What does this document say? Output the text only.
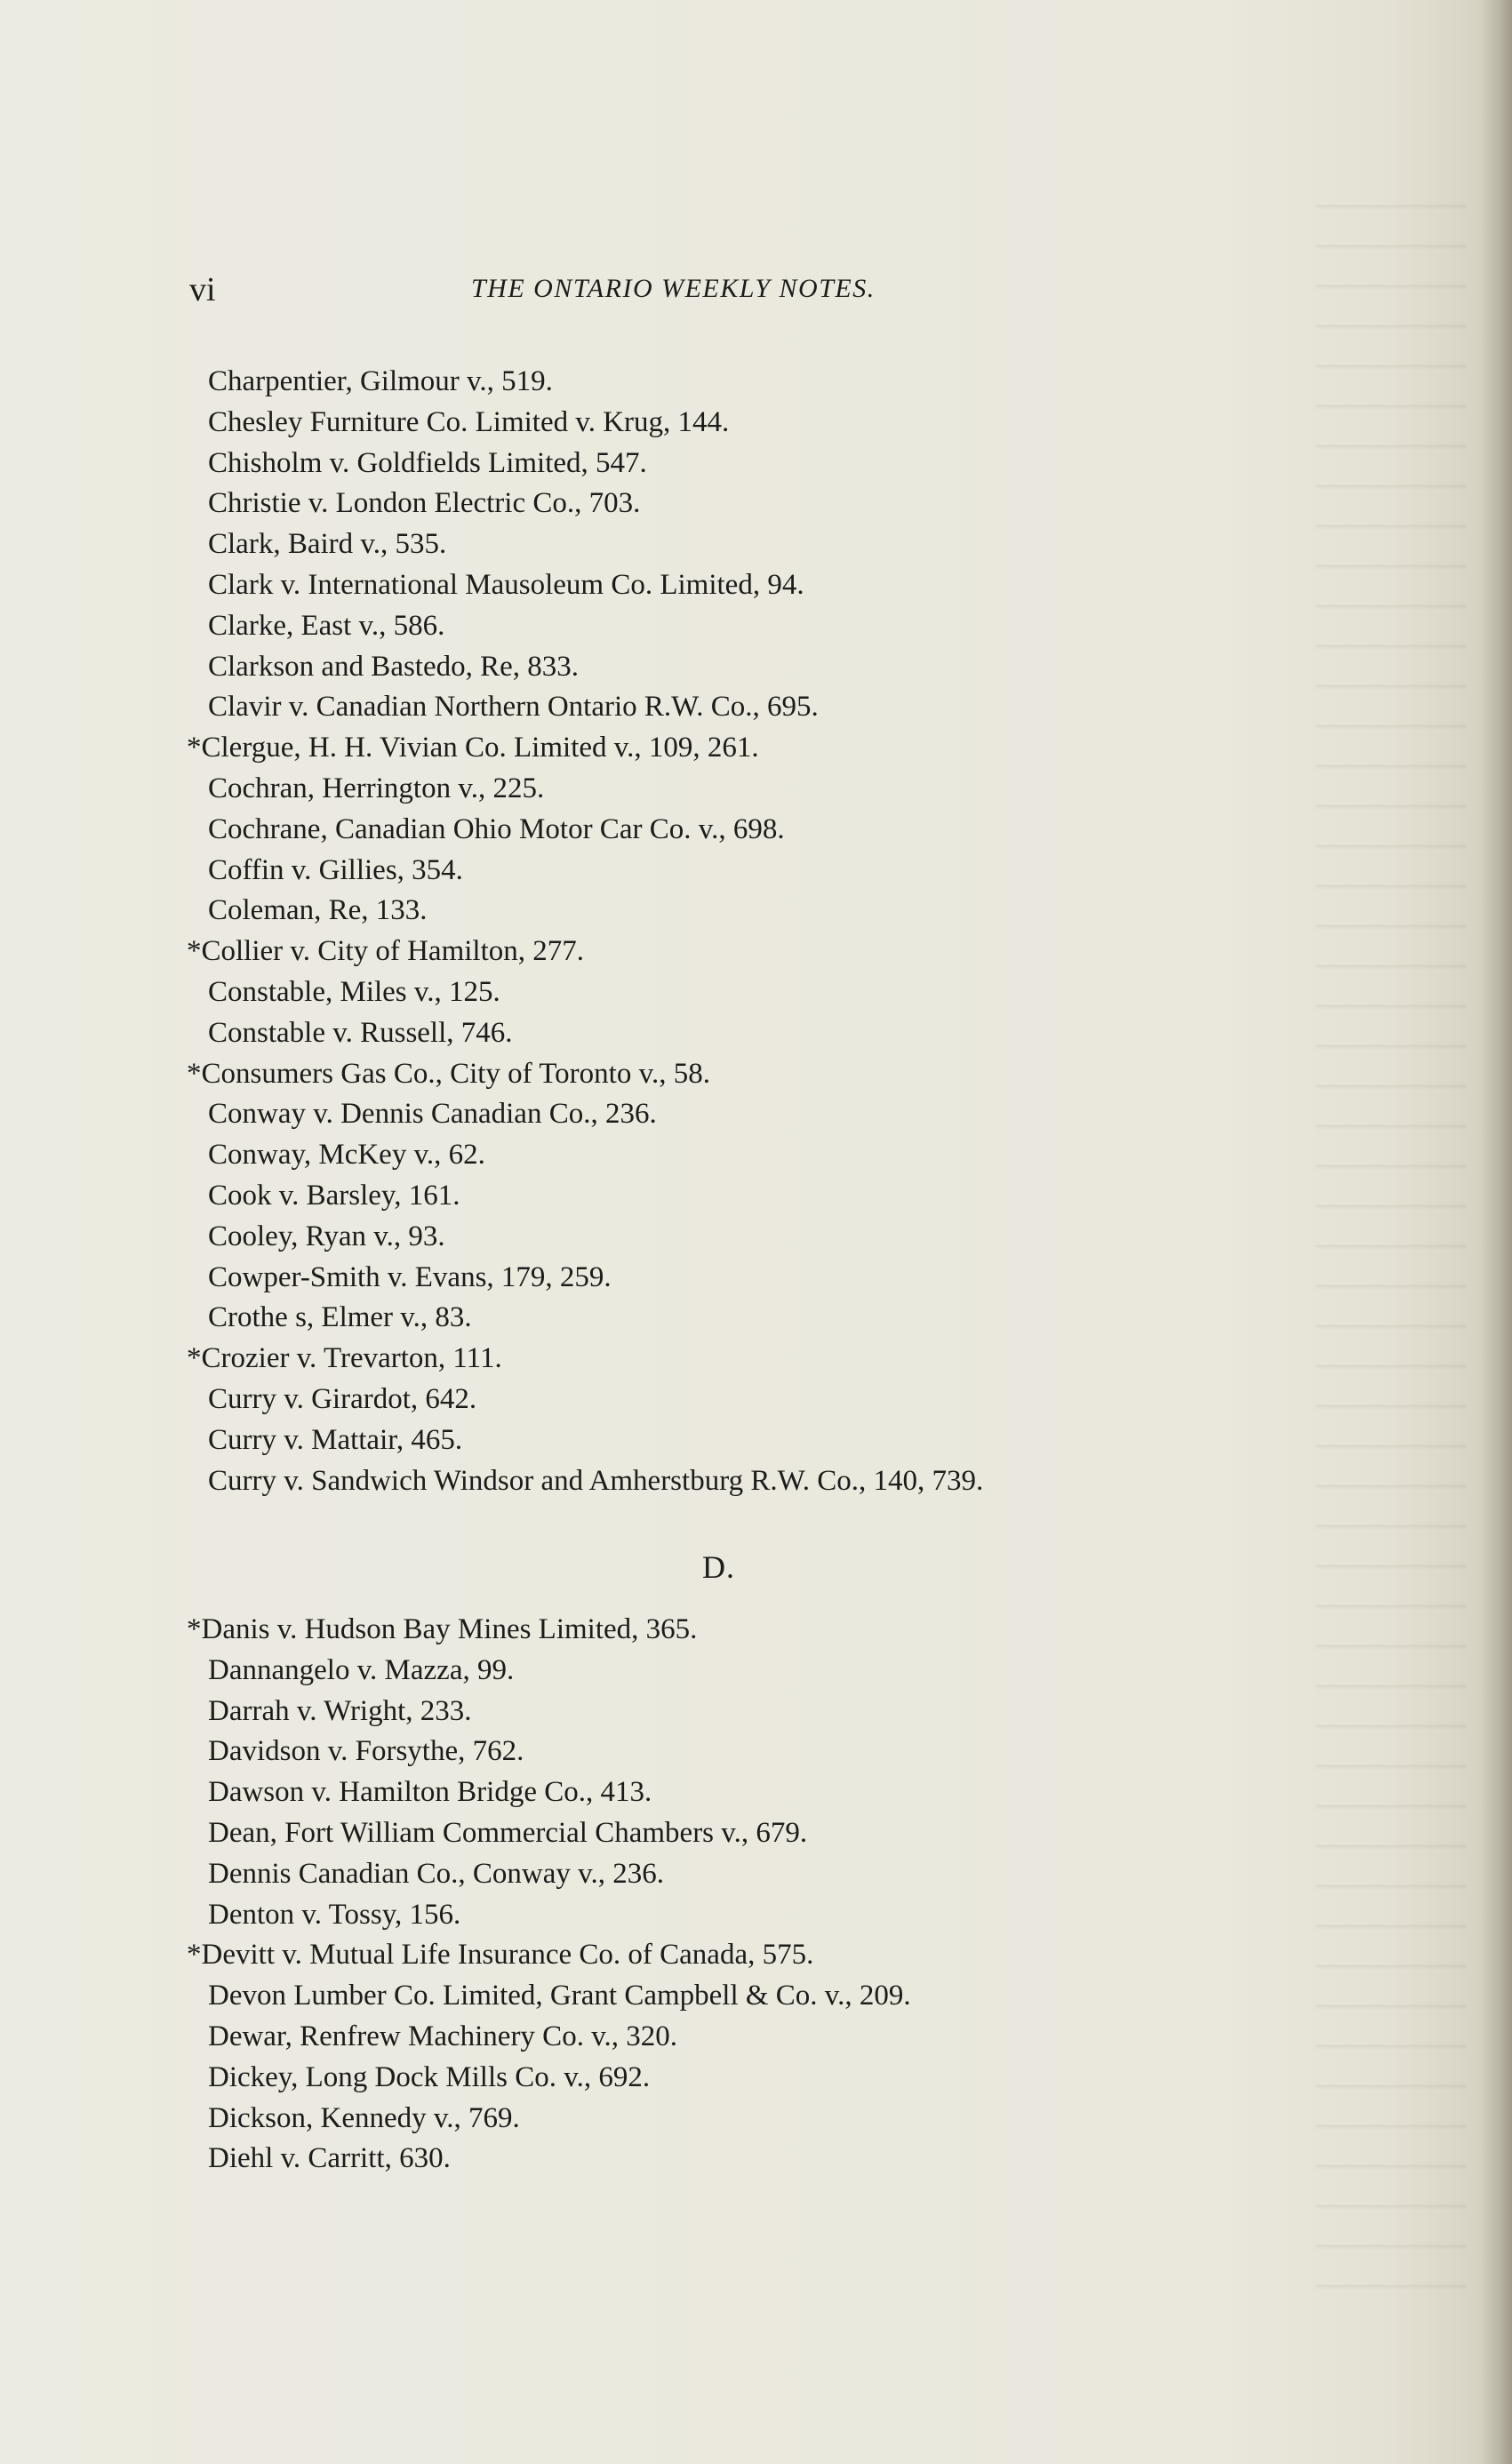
vi	THE ONTARIO WEEKLY NOTES.
Charpentier, Gilmour v., 519.
Chesley Furniture Co. Limited v. Krug, 144.
Chisholm v. Goldfields Limited, 547.
Christie v. London Electric Co., 703.
Clark, Baird v., 535.
Clark v. International Mausoleum Co. Limited, 94.
Clarke, East v., 586.
Clarkson and Bastedo, Re, 833.
Clavir v. Canadian Northern Ontario R.W. Co., 695.
*Clergue, H. H. Vivian Co. Limited v., 109, 261.
Cochran, Herrington v., 225.
Cochrane, Canadian Ohio Motor Car Co. v., 698.
Coffin v. Gillies, 354.
Coleman, Re, 133.
*Collier v. City of Hamilton, 277.
Constable, Miles v., 125.
Constable v. Russell, 746.
*Consumers Gas Co., City of Toronto v., 58.
Conway v. Dennis Canadian Co., 236.
Conway, McKey v., 62.
Cook v. Barsley, 161.
Cooley, Ryan v., 93.
Cowper-Smith v. Evans, 179, 259.
Crothe s, Elmer v., 83.
*Crozier v. Trevarton, 111.
Curry v. Girardot, 642.
Curry v. Mattair, 465.
Curry v. Sandwich Windsor and Amherstburg R.W. Co., 140, 739.
D.
*Danis v. Hudson Bay Mines Limited, 365.
Dannangelo v. Mazza, 99.
Darrah v. Wright, 233.
Davidson v. Forsythe, 762.
Dawson v. Hamilton Bridge Co., 413.
Dean, Fort William Commercial Chambers v., 679.
Dennis Canadian Co., Conway v., 236.
Denton v. Tossy, 156.
*Devitt v. Mutual Life Insurance Co. of Canada, 575.
Devon Lumber Co. Limited, Grant Campbell & Co. v., 209.
Dewar, Renfrew Machinery Co. v., 320.
Dickey, Long Dock Mills Co. v., 692.
Dickson, Kennedy v., 769.
Diehl v. Carritt, 630.
